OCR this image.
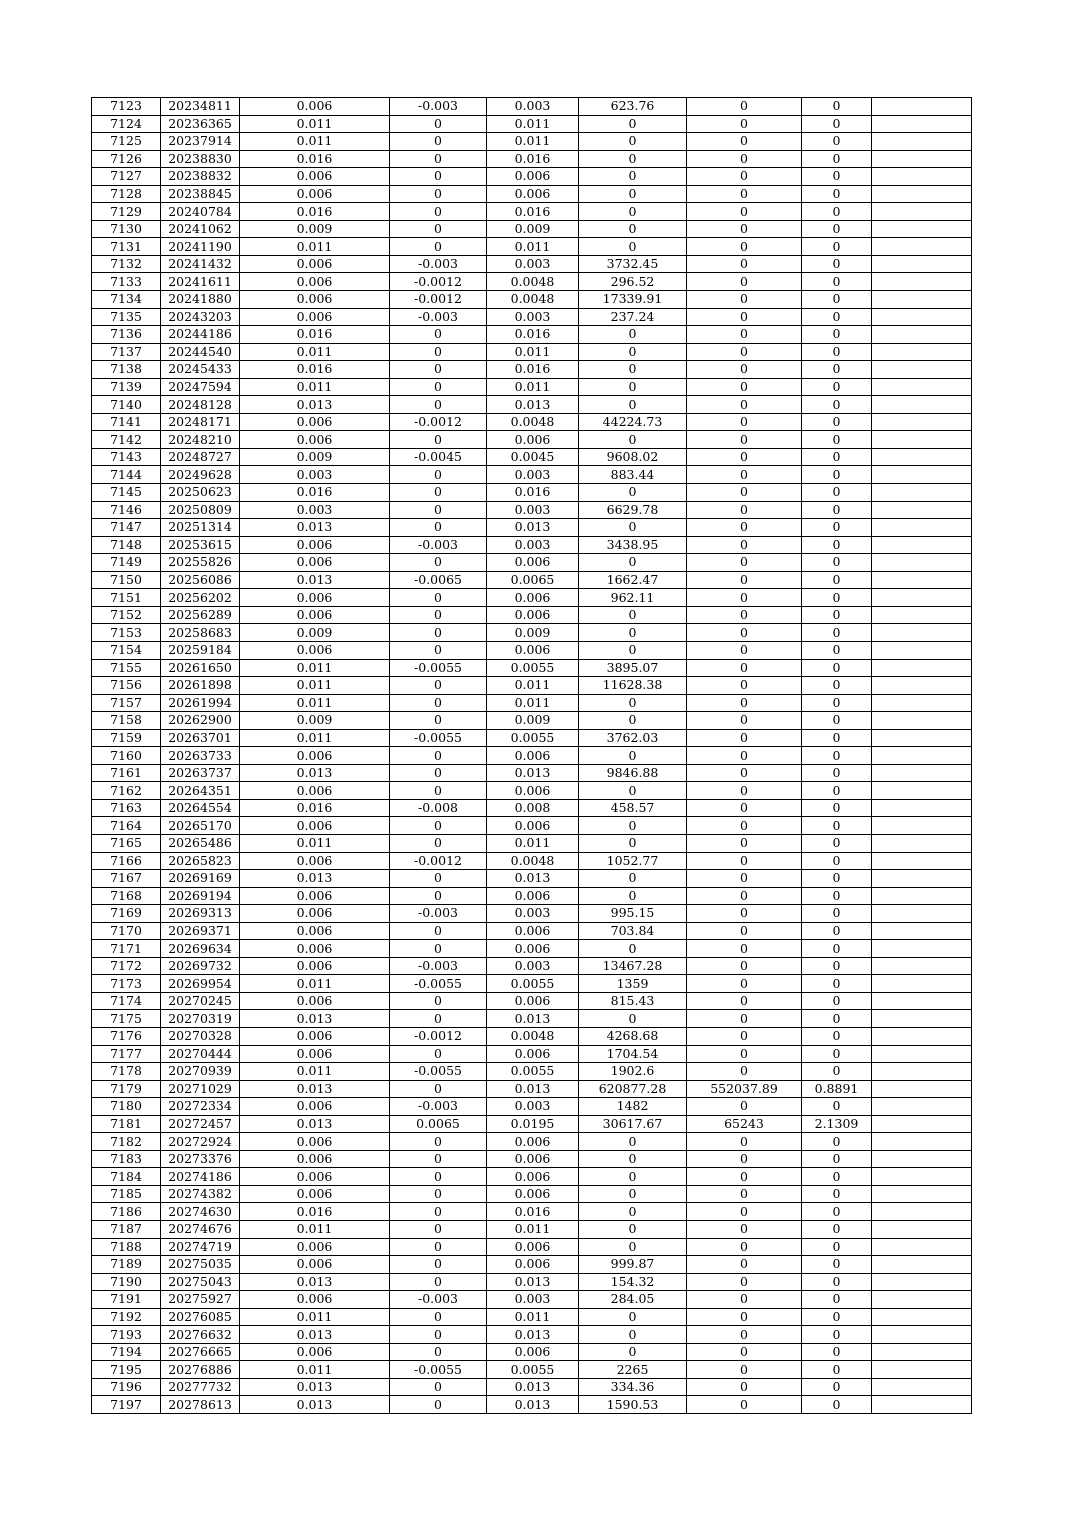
7123	20234811	0.006	-0.003	0.003	623.76	0	0	
7124	20236365	0.011	0	0.011	0	0	0	
7125	20237914	0.011	0	0.011	0	0	0	
7126	20238830	0.016	0	0.016	0	0	0	
7127	20238832	0.006	0	0.006	0	0	0	
7128	20238845	0.006	0	0.006	0	0	0	
7129	20240784	0.016	0	0.016	0	0	0	
7130	20241062	0.009	0	0.009	0	0	0	
7131	20241190	0.011	0	0.011	0	0	0	
7132	20241432	0.006	-0.003	0.003	3732.45	0	0	
7133	20241611	0.006	-0.0012	0.0048	296.52	0	0	
7134	20241880	0.006	-0.0012	0.0048	17339.91	0	0	
7135	20243203	0.006	-0.003	0.003	237.24	0	0	
7136	20244186	0.016	0	0.016	0	0	0	
7137	20244540	0.011	0	0.011	0	0	0	
7138	20245433	0.016	0	0.016	0	0	0	
7139	20247594	0.011	0	0.011	0	0	0	
7140	20248128	0.013	0	0.013	0	0	0	
7141	20248171	0.006	-0.0012	0.0048	44224.73	0	0	
7142	20248210	0.006	0	0.006	0	0	0	
7143	20248727	0.009	-0.0045	0.0045	9608.02	0	0	
7144	20249628	0.003	0	0.003	883.44	0	0	
7145	20250623	0.016	0	0.016	0	0	0	
7146	20250809	0.003	0	0.003	6629.78	0	0	
7147	20251314	0.013	0	0.013	0	0	0	
7148	20253615	0.006	-0.003	0.003	3438.95	0	0	
7149	20255826	0.006	0	0.006	0	0	0	
7150	20256086	0.013	-0.0065	0.0065	1662.47	0	0	
7151	20256202	0.006	0	0.006	962.11	0	0	
7152	20256289	0.006	0	0.006	0	0	0	
7153	20258683	0.009	0	0.009	0	0	0	
7154	20259184	0.006	0	0.006	0	0	0	
7155	20261650	0.011	-0.0055	0.0055	3895.07	0	0	
7156	20261898	0.011	0	0.011	11628.38	0	0	
7157	20261994	0.011	0	0.011	0	0	0	
7158	20262900	0.009	0	0.009	0	0	0	
7159	20263701	0.011	-0.0055	0.0055	3762.03	0	0	
7160	20263733	0.006	0	0.006	0	0	0	
7161	20263737	0.013	0	0.013	9846.88	0	0	
7162	20264351	0.006	0	0.006	0	0	0	
7163	20264554	0.016	-0.008	0.008	458.57	0	0	
7164	20265170	0.006	0	0.006	0	0	0	
7165	20265486	0.011	0	0.011	0	0	0	
7166	20265823	0.006	-0.0012	0.0048	1052.77	0	0	
7167	20269169	0.013	0	0.013	0	0	0	
7168	20269194	0.006	0	0.006	0	0	0	
7169	20269313	0.006	-0.003	0.003	995.15	0	0	
7170	20269371	0.006	0	0.006	703.84	0	0	
7171	20269634	0.006	0	0.006	0	0	0	
7172	20269732	0.006	-0.003	0.003	13467.28	0	0	
7173	20269954	0.011	-0.0055	0.0055	1359	0	0	
7174	20270245	0.006	0	0.006	815.43	0	0	
7175	20270319	0.013	0	0.013	0	0	0	
7176	20270328	0.006	-0.0012	0.0048	4268.68	0	0	
7177	20270444	0.006	0	0.006	1704.54	0	0	
7178	20270939	0.011	-0.0055	0.0055	1902.6	0	0	
7179	20271029	0.013	0	0.013	620877.28	552037.89	0.8891	
7180	20272334	0.006	-0.003	0.003	1482	0	0	
7181	20272457	0.013	0.0065	0.0195	30617.67	65243	2.1309	
7182	20272924	0.006	0	0.006	0	0	0	
7183	20273376	0.006	0	0.006	0	0	0	
7184	20274186	0.006	0	0.006	0	0	0	
7185	20274382	0.006	0	0.006	0	0	0	
7186	20274630	0.016	0	0.016	0	0	0	
7187	20274676	0.011	0	0.011	0	0	0	
7188	20274719	0.006	0	0.006	0	0	0	
7189	20275035	0.006	0	0.006	999.87	0	0	
7190	20275043	0.013	0	0.013	154.32	0	0	
7191	20275927	0.006	-0.003	0.003	284.05	0	0	
7192	20276085	0.011	0	0.011	0	0	0	
7193	20276632	0.013	0	0.013	0	0	0	
7194	20276665	0.006	0	0.006	0	0	0	
7195	20276886	0.011	-0.0055	0.0055	2265	0	0	
7196	20277732	0.013	0	0.013	334.36	0	0	
7197	20278613	0.013	0	0.013	1590.53	0	0	
